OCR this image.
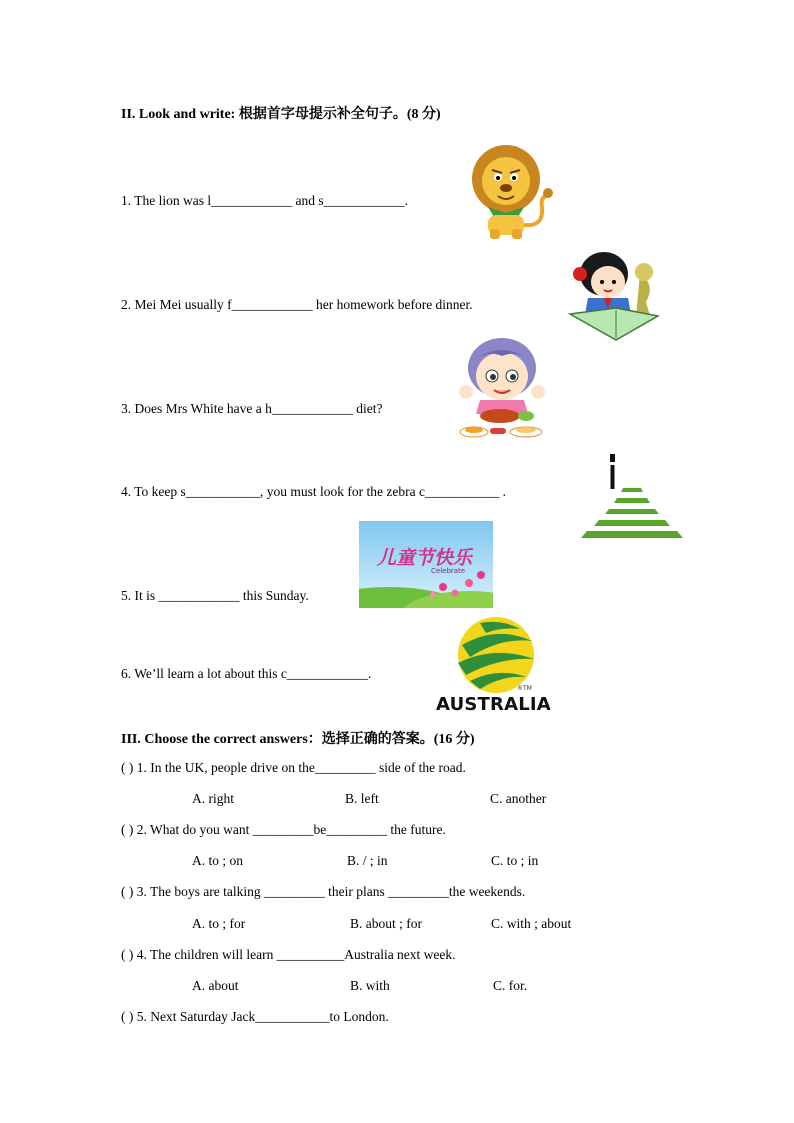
II. Look and write: 根据首字母提示补全句子。(8 分)
1. The lion was l____________ and s____________.
2. Mei Mei usually f____________ her homework before dinner.
3. Does Mrs White have a h____________ diet?
4. To keep s___________, you must look for the zebra c___________ .
5. It is ____________ this Sunday.
6. We’ll learn a lot about this c____________.
儿童节快乐
Celebrate
®TM
AUSTRALIA
III. Choose the correct answers：选择正确的答案。(16 分)
( ) 1. In the UK, people drive on the_________ side of the road.
A. right	B. left	C. another
( ) 2. What do you want _________be_________ the future.
A. to ; on	B. / ; in	C. to ; in
( ) 3. The boys are talking _________ their plans _________the weekends.
A. to ; for	B. about ; for	C. with ; about
( ) 4. The children will learn __________Australia next week.
A. about	B. with	C. for.
( ) 5. Next Saturday Jack___________to London.
